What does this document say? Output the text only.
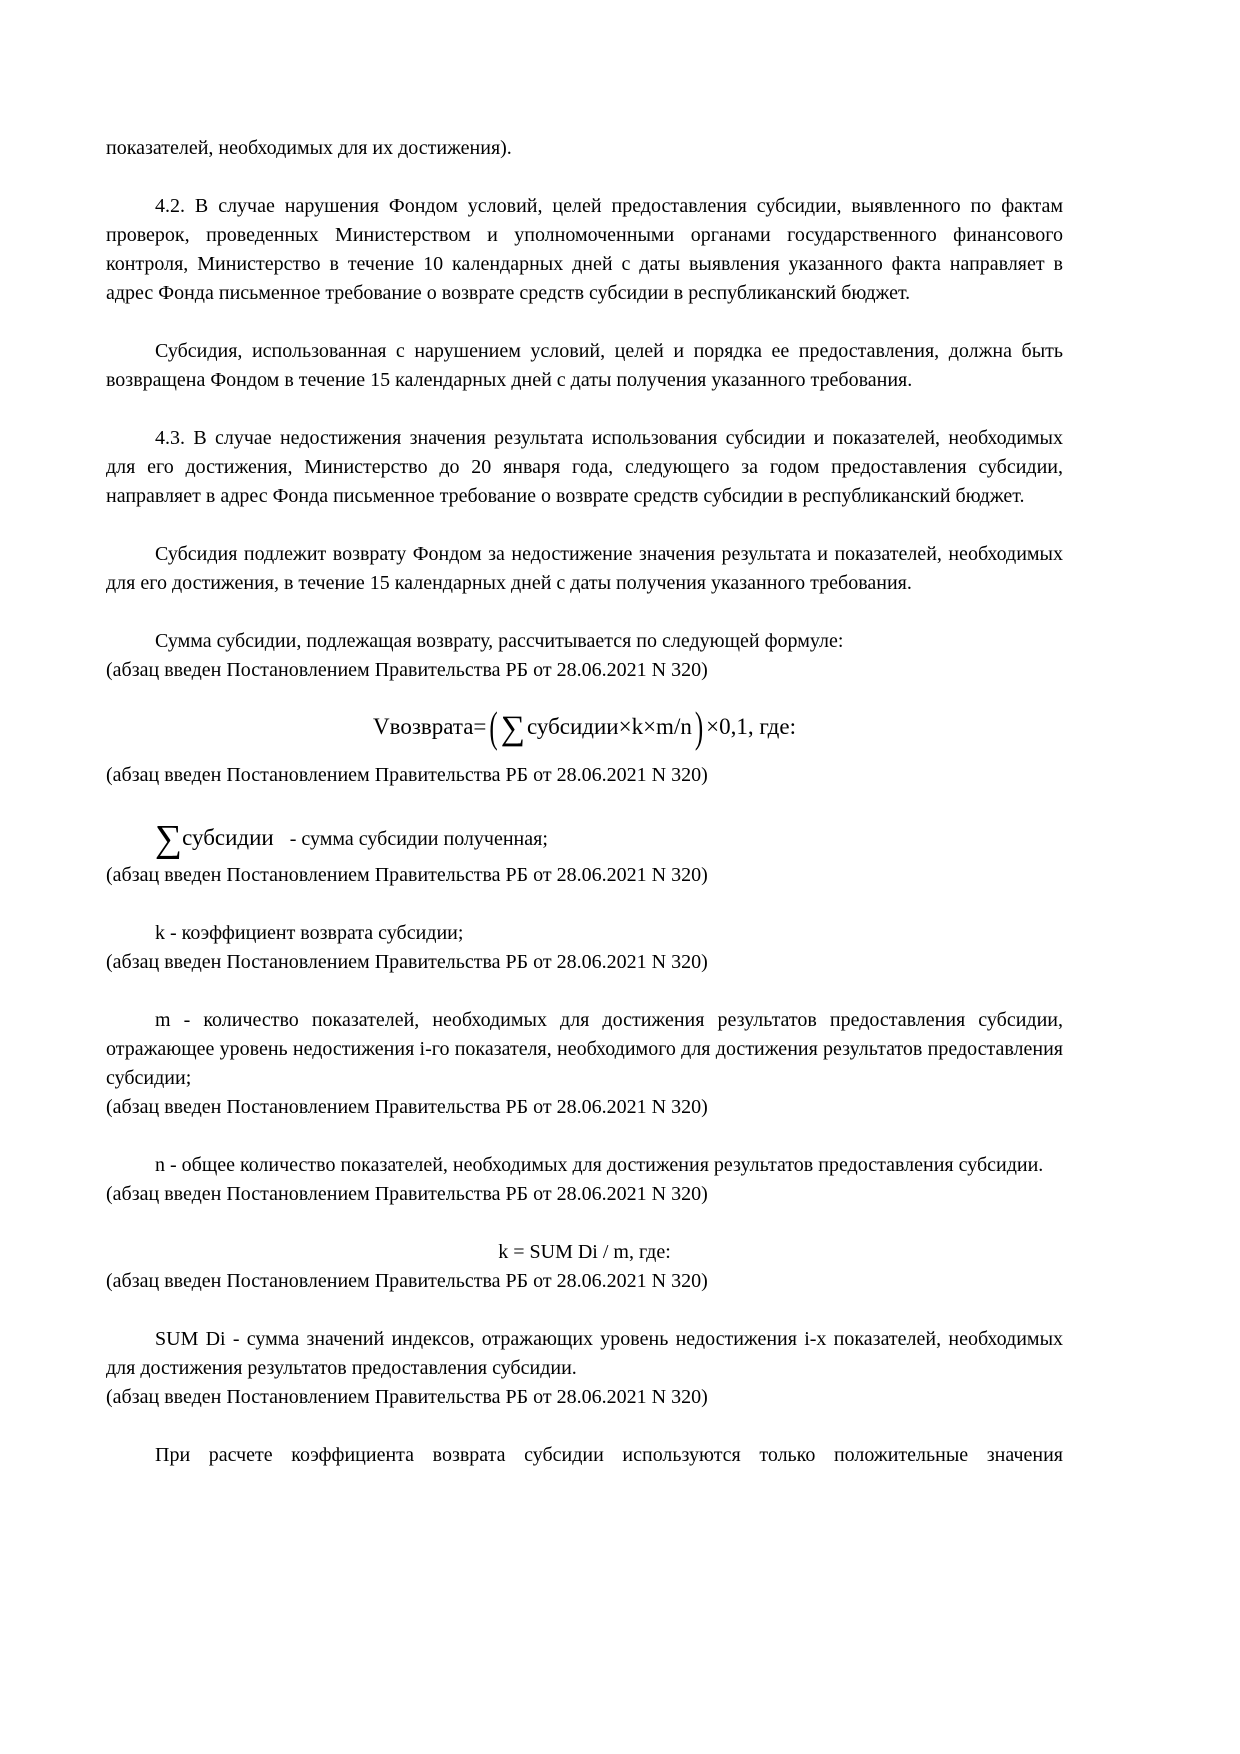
показателей, необходимых для их достижения).
4.2. В случае нарушения Фондом условий, целей предоставления субсидии, выявленного по фактам проверок, проведенных Министерством и уполномоченными органами государственного финансового контроля, Министерство в течение 10 календарных дней с даты выявления указанного факта направляет в адрес Фонда письменное требование о возврате средств субсидии в республиканский бюджет.
Субсидия, использованная с нарушением условий, целей и порядка ее предоставления, должна быть возвращена Фондом в течение 15 календарных дней с даты получения указанного требования.
4.3. В случае недостижения значения результата использования субсидии и показателей, необходимых для его достижения, Министерство до 20 января года, следующего за годом предоставления субсидии, направляет в адрес Фонда письменное требование о возврате средств субсидии в республиканский бюджет.
Субсидия подлежит возврату Фондом за недостижение значения результата и показателей, необходимых для его достижения, в течение 15 календарных дней с даты получения указанного требования.
Сумма субсидии, подлежащая возврату, рассчитывается по следующей формуле:
(абзац введен Постановлением Правительства РБ от 28.06.2021 N 320)
Vвозврата= (∑субсидии×k×m/n ) ×0,1, где:
(абзац введен Постановлением Правительства РБ от 28.06.2021 N 320)
∑субсидии - сумма субсидии полученная;
(абзац введен Постановлением Правительства РБ от 28.06.2021 N 320)
k - коэффициент возврата субсидии;
(абзац введен Постановлением Правительства РБ от 28.06.2021 N 320)
m - количество показателей, необходимых для достижения результатов предоставления субсидии, отражающее уровень недостижения i-го показателя, необходимого для достижения результатов предоставления субсидии;
(абзац введен Постановлением Правительства РБ от 28.06.2021 N 320)
n - общее количество показателей, необходимых для достижения результатов предоставления субсидии.
(абзац введен Постановлением Правительства РБ от 28.06.2021 N 320)
k = SUM Di / m, где:
(абзац введен Постановлением Правительства РБ от 28.06.2021 N 320)
SUM Di - сумма значений индексов, отражающих уровень недостижения i-х показателей, необходимых для достижения результатов предоставления субсидии.
(абзац введен Постановлением Правительства РБ от 28.06.2021 N 320)
При расчете коэффициента возврата субсидии используются только положительные значения
